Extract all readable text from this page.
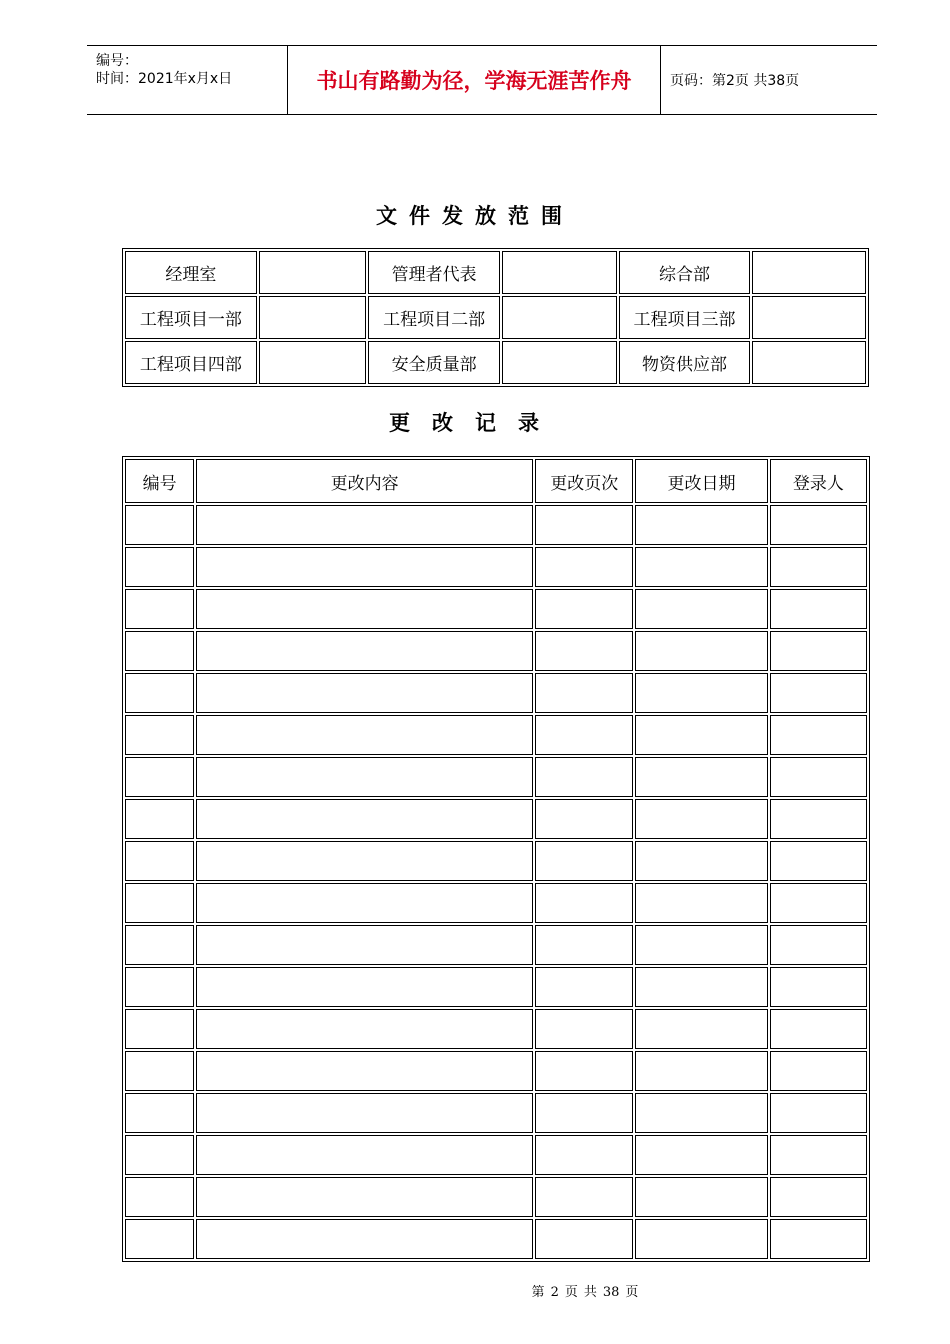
编号：
时间：2021年x月x日	书山有路勤为径，学海无涯苦作舟	页码：第2页 共38页
文件发放范围
经理室		管理者代表		综合部	
工程项目一部		工程项目二部		工程项目三部	
工程项目四部		安全质量部		物资供应部	
更改记录
编号	更改内容	更改页次	更改日期	登录人

第 2 页 共 38 页
